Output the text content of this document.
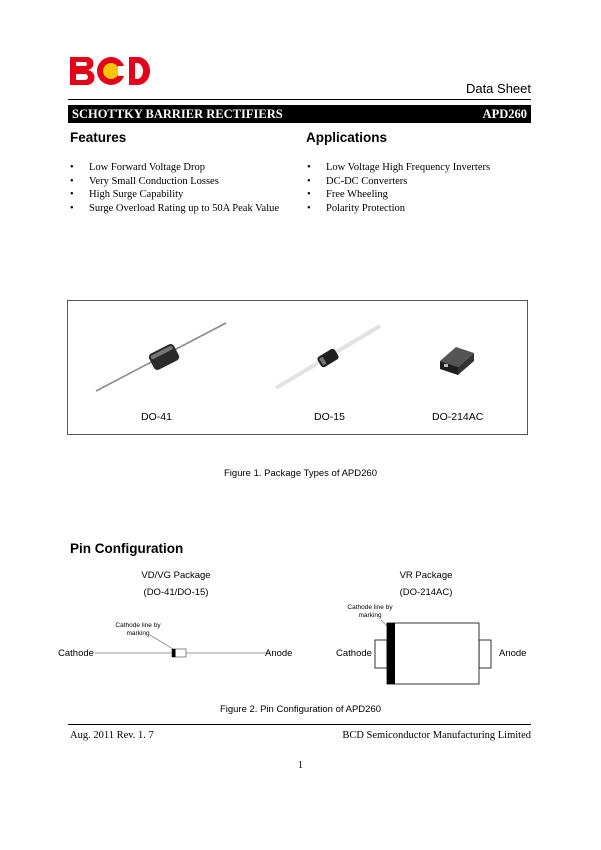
Data Sheet
SCHOTTKY BARRIER RECTIFIERS	APD260
Features
• Low Forward Voltage Drop
• Very Small Conduction Losses
• High Surge Capability
• Surge Overload Rating up to 50A Peak Value
Applications
• Low Voltage High Frequency Inverters
• DC-DC Converters
• Free Wheeling
• Polarity Protection
DO-41	DO-15	DO-214AC
Figure 1. Package Types of APD260
Pin Configuration
VD/VG Package
(DO-41/DO-15)
Cathode line by
marking
Cathode	Anode
VR Package
(DO-214AC)
Cathode line by
marking
Cathode	Anode
Figure 2. Pin Configuration of APD260
Aug. 2011 Rev. 1. 7	BCD Semiconductor Manufacturing Limited
1
